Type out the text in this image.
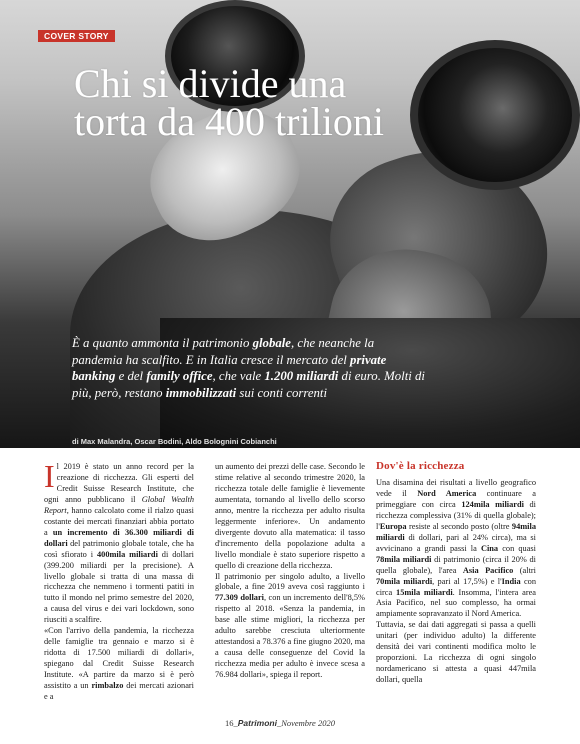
COVER STORY
Chi si divide una torta da 400 trilioni

È a quanto ammonta il patrimonio globale, che neanche la pandemia ha scalfito. E in Italia cresce il mercato del private banking e del family office, che vale 1.200 miliardi di euro. Molti di più, però, restano immobilizzati sui conti correnti

di Max Malandra, Oscar Bodini, Aldo Bolognini Cobianchi

Il 2019 è stato un anno record per la creazione di ricchezza. Gli esperti del Credit Suisse Research Institute, che ogni anno pubblicano il Global Wealth Report, hanno calcolato come il rialzo quasi costante dei mercati finanziari abbia portato a un incremento di 36.300 miliardi di dollari del patrimonio globale totale, che ha così sfiorato i 400mila miliardi di dollari (399.200 miliardi per la precisione). A livello globale si tratta di una massa di ricchezza che nemmeno i tormenti patiti in tutto il mondo nel primo semestre del 2020, a causa del virus e dei vari lockdown, sono riusciti a scalfire.

«Con l'arrivo della pandemia, la ricchezza delle famiglie tra gennaio e marzo si è ridotta di 17.500 miliardi di dollari», spiegano dal Credit Suisse Research Institute. «A partire da marzo si è però assistito a un rimbalzo dei mercati azionari e a

un aumento dei prezzi delle case. Secondo le stime relative al secondo trimestre 2020, la ricchezza totale delle famiglie è lievemente aumentata, tornando al livello dello scorso anno, mentre la ricchezza per adulto risulta leggermente inferiore». Un andamento divergente dovuto alla matematica: il tasso d'incremento della popolazione adulta a livello mondiale è stato superiore rispetto a quello di creazione della ricchezza.

Il patrimonio per singolo adulto, a livello globale, a fine 2019 aveva così raggiunto i 77.309 dollari, con un incremento dell'8,5% rispetto al 2018. «Senza la pandemia, in base alle stime migliori, la ricchezza per adulto sarebbe cresciuta ulteriormente attestandosi a 78.376 a fine giugno 2020, ma a causa delle conseguenze del Covid la ricchezza media per adulto è invece scesa a 76.984 dollari», spiega il report.

Dov'è la ricchezza

Una disamina dei risultati a livello geografico vede il Nord America continuare a primeggiare con circa 124mila miliardi di ricchezza complessiva (31% di quella globale); l'Europa resiste al secondo posto (oltre 94mila miliardi di dollari, pari al 24% circa), ma si avvicinano a grandi passi la Cina con quasi 78mila miliardi di patrimonio (circa il 20% di quella globale), l'area Asia Pacifico (altri 70mila miliardi, pari al 17,5%) e l'India con circa 15mila miliardi. Insomma, l'intera area Asia Pacifico, nel suo complesso, ha ormai ampiamente sopravanzato il Nord America.

Tuttavia, se dai dati aggregati si passa a quelli unitari (per individuo adulto) la differente densità dei vari continenti modifica molto le proporzioni. La ricchezza di ogni singolo nordamericano si attesta a quasi 447mila dollari, quella

16_Patrimoni_Novembre 2020
